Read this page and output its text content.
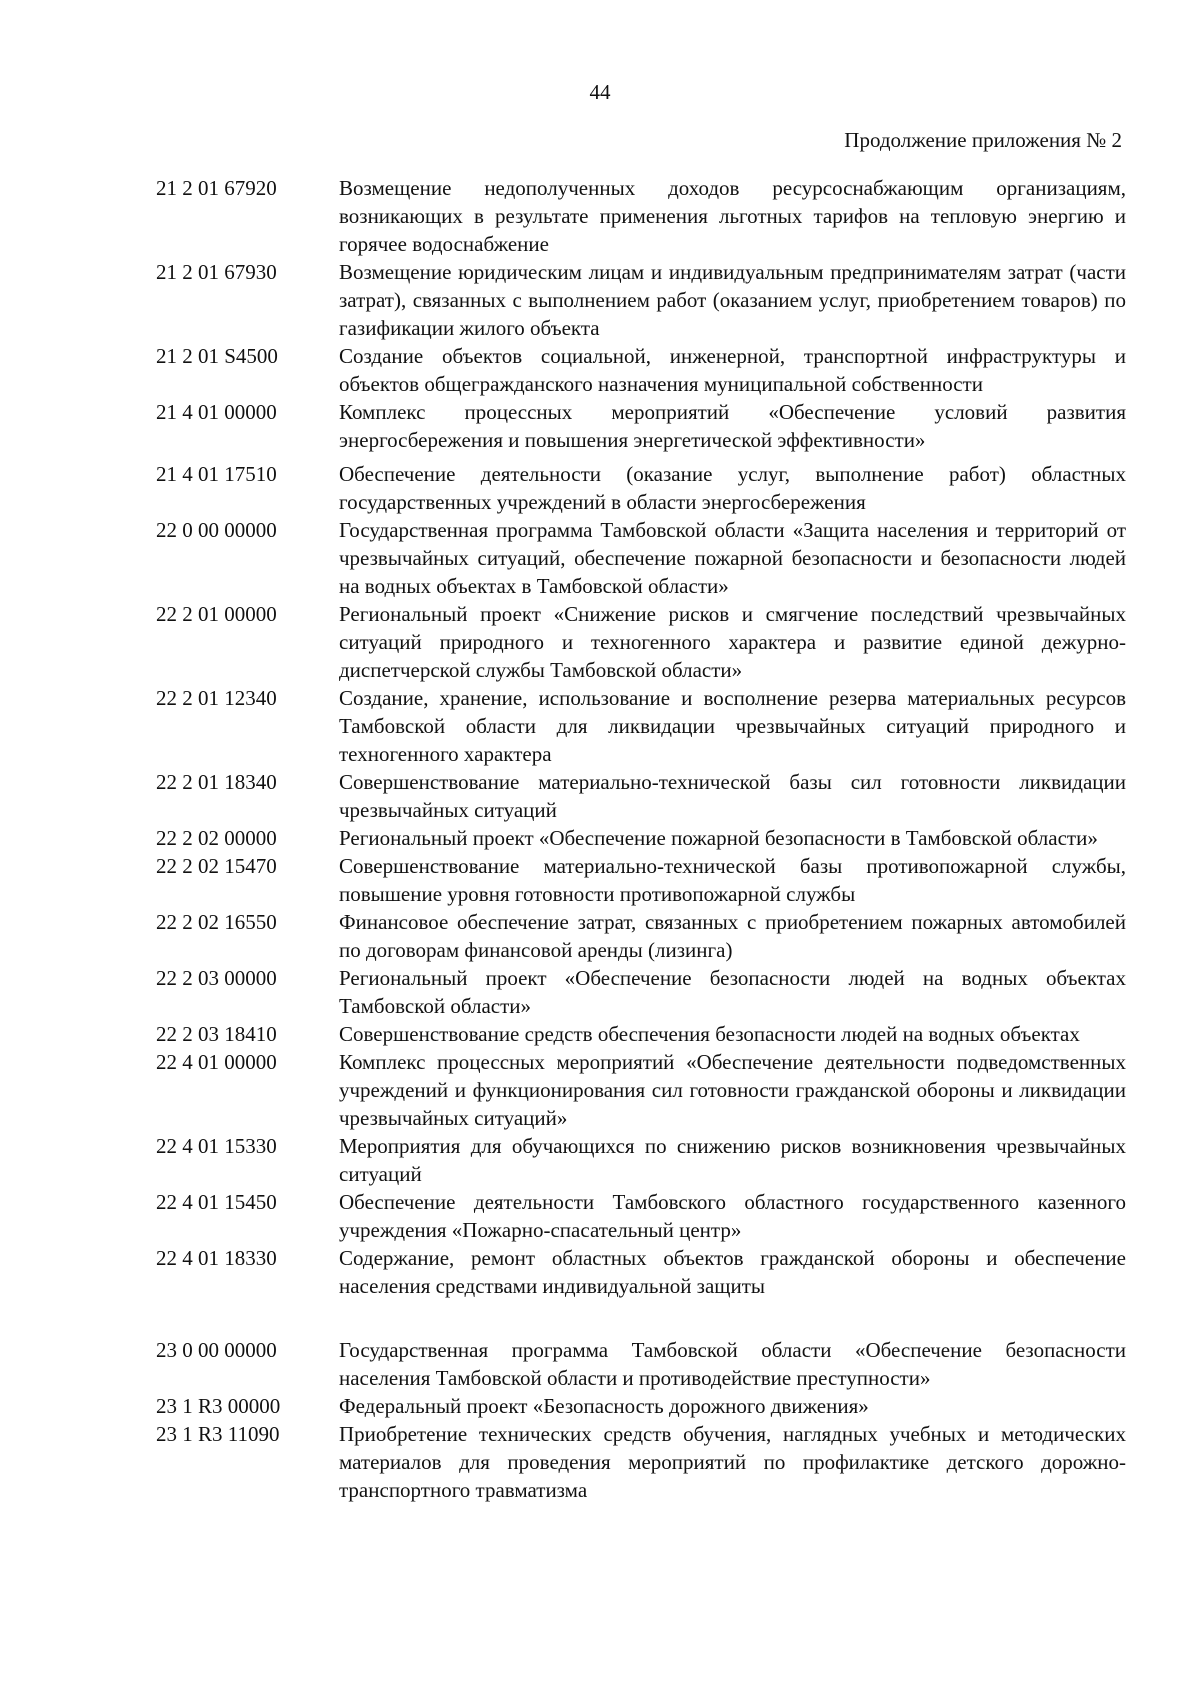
44
Продолжение приложения № 2
21 2 01 67920	Возмещение недополученных доходов ресурсоснабжающим организациям, возникающих в результате применения льготных тарифов на тепловую энергию и горячее водоснабжение
21 2 01 67930	Возмещение юридическим лицам и индивидуальным предпринимателям затрат (части затрат), связанных с выполнением работ (оказанием услуг, приобретением товаров) по газификации жилого объекта
21 2 01 S4500	Создание объектов социальной, инженерной, транспортной инфраструктуры и объектов общегражданского назначения муниципальной собственности
21 4 01 00000	Комплекс процессных мероприятий «Обеспечение условий развития энергосбережения и повышения энергетической эффективности»
21 4 01 17510	Обеспечение деятельности (оказание услуг, выполнение работ) областных государственных учреждений в области энергосбережения
22 0 00 00000	Государственная программа Тамбовской области «Защита населения и территорий от чрезвычайных ситуаций, обеспечение пожарной безопасности и безопасности людей на водных объектах в Тамбовской области»
22 2 01 00000	Региональный проект «Снижение рисков и смягчение последствий чрезвычайных ситуаций природного и техногенного характера и развитие единой дежурно-диспетчерской службы Тамбовской области»
22 2 01 12340	Создание, хранение, использование и восполнение резерва материальных ресурсов Тамбовской области для ликвидации чрезвычайных ситуаций природного и техногенного характера
22 2 01 18340	Совершенствование материально-технической базы сил готовности ликвидации чрезвычайных ситуаций
22 2 02 00000	Региональный проект «Обеспечение пожарной безопасности в Тамбовской области»
22 2 02 15470	Совершенствование материально-технической базы противопожарной службы, повышение уровня готовности противопожарной службы
22 2 02 16550	Финансовое обеспечение затрат, связанных с приобретением пожарных автомобилей по договорам финансовой аренды (лизинга)
22 2 03 00000	Региональный проект «Обеспечение безопасности людей на водных объектах Тамбовской области»
22 2 03 18410	Совершенствование средств обеспечения безопасности людей на водных объектах
22 4 01 00000	Комплекс процессных мероприятий «Обеспечение деятельности подведомственных учреждений и функционирования сил готовности гражданской обороны и ликвидации чрезвычайных ситуаций»
22 4 01 15330	Мероприятия для обучающихся по снижению рисков возникновения чрезвычайных ситуаций
22 4 01 15450	Обеспечение деятельности Тамбовского областного государственного казенного учреждения «Пожарно-спасательный центр»
22 4 01 18330	Содержание, ремонт областных объектов гражданской обороны и обеспечение населения средствами индивидуальной защиты
23 0 00 00000	Государственная программа Тамбовской области «Обеспечение безопасности населения Тамбовской области и противодействие преступности»
23 1 R3 00000	Федеральный проект «Безопасность дорожного движения»
23 1 R3 11090	Приобретение технических средств обучения, наглядных учебных и методических материалов для проведения мероприятий по профилактике детского дорожно-транспортного травматизма
